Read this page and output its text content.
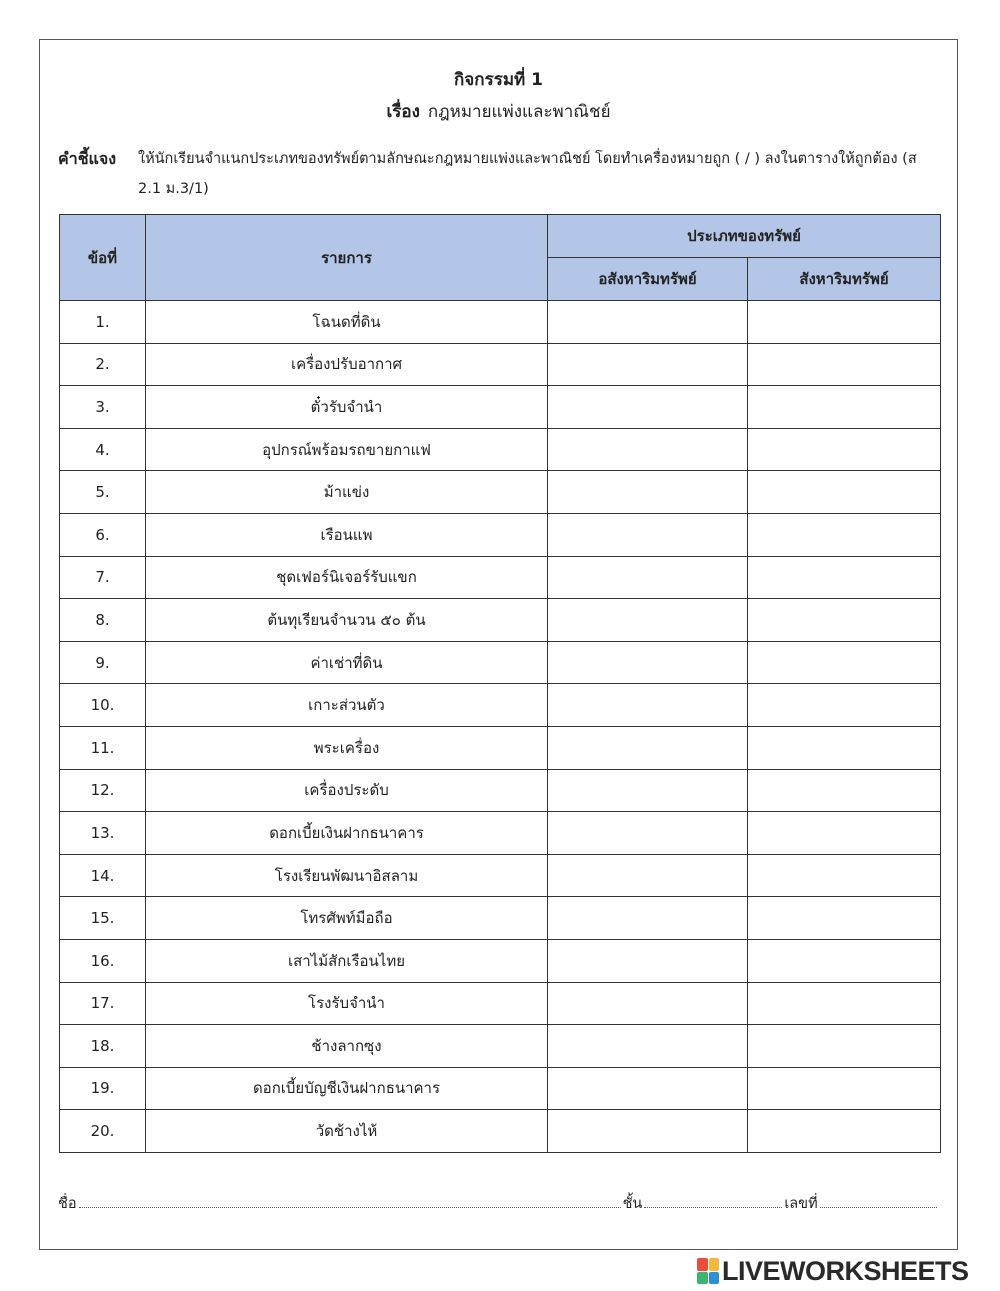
กิจกรรมที่ 1
เรื่อง กฎหมายแพ่งและพาณิชย์
คำชี้แจง ให้นักเรียนจำแนกประเภทของทรัพย์ตามลักษณะกฎหมายแพ่งและพาณิชย์ โดยทำเครื่องหมายถูก ( / ) ลงในตารางให้ถูกต้อง (ส 2.1 ม.3/1)
ข้อที่	รายการ	ประเภทของทรัพย์	
		อสังหาริมทรัพย์	สังหาริมทรัพย์
1.	โฉนดที่ดิน		
2.	เครื่องปรับอากาศ		
3.	ตั๋วรับจำนำ		
4.	อุปกรณ์พร้อมรถขายกาแฟ		
5.	ม้าแข่ง		
6.	เรือนแพ		
7.	ชุดเฟอร์นิเจอร์รับแขก		
8.	ต้นทุเรียนจำนวน ๕๐ ต้น		
9.	ค่าเช่าที่ดิน		
10.	เกาะส่วนตัว		
11.	พระเครื่อง		
12.	เครื่องประดับ		
13.	ดอกเบี้ยเงินฝากธนาคาร		
14.	โรงเรียนพัฒนาอิสลาม		
15.	โทรศัพท์มือถือ		
16.	เสาไม้สักเรือนไทย		
17.	โรงรับจำนำ		
18.	ช้างลากซุง		
19.	ดอกเบี้ยบัญชีเงินฝากธนาคาร		
20.	วัดช้างไห้		
ชื่อ	ชั้น	เลขที่
LIVEWORKSHEETS
